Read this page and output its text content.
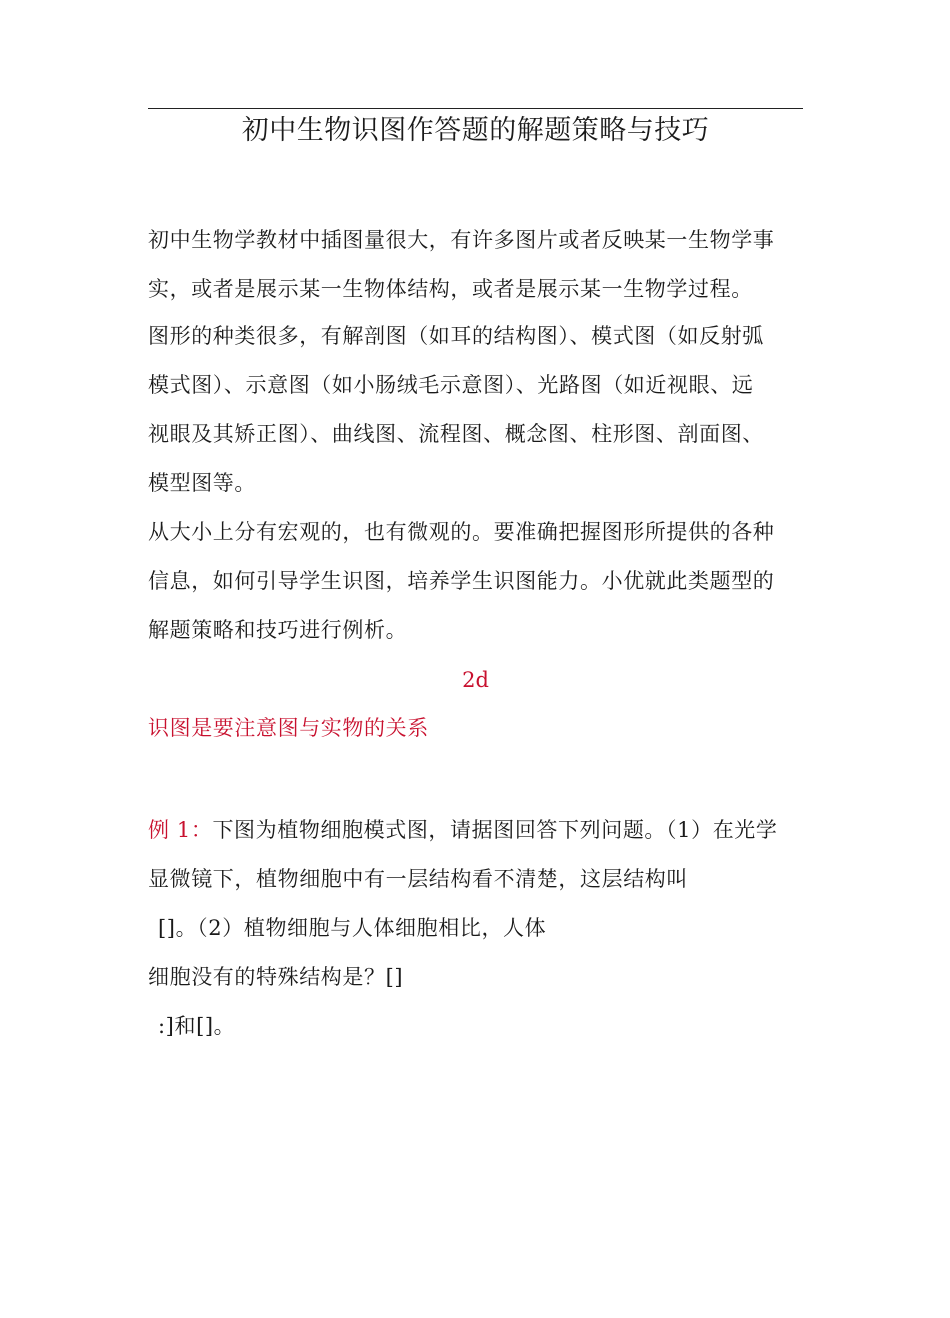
初中生物识图作答题的解题策略与技巧
初中生物学教材中插图量很大，有许多图片或者反映某一生物学事
实，或者是展示某一生物体结构，或者是展示某一生物学过程。
图形的种类很多，有解剖图（如耳的结构图）、模式图（如反射弧
模式图）、示意图（如小肠绒毛示意图）、光路图（如近视眼、远
视眼及其矫正图）、曲线图、流程图、概念图、柱形图、剖面图、
模型图等。
从大小上分有宏观的，也有微观的。要准确把握图形所提供的各种
信息，如何引导学生识图，培养学生识图能力。小优就此类题型的
解题策略和技巧进行例析。
2d
识图是要注意图与实物的关系
例 1：下图为植物细胞模式图，请据图回答下列问题。（1）在光学
显微镜下，植物细胞中有一层结构看不清楚，这层结构叫
[]。（2）植物细胞与人体细胞相比，人体
细胞没有的特殊结构是？[]
:]和[]。
